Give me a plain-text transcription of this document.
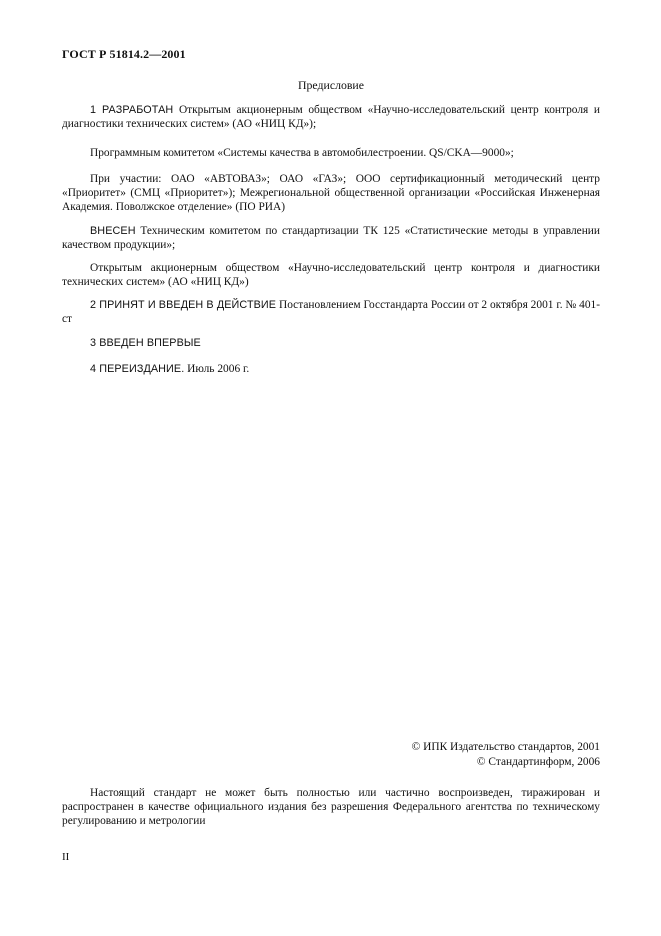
ГОСТ Р 51814.2—2001
Предисловие

1 РАЗРАБОТАН Открытым акционерным обществом «Научно-исследовательский центр контроля и диагностики технических систем» (АО «НИЦ КД»);

Программным комитетом «Системы качества в автомобилестроении. QS/CKA—9000»;

При участии: ОАО «АВТОВАЗ»; ОАО «ГАЗ»; ООО сертификационный методический центр «Приоритет» (СМЦ «Приоритет»); Межрегиональной общественной организации «Российская Инженерная Академия. Поволжское отделение» (ПО РИА)

ВНЕСЕН Техническим комитетом по стандартизации ТК 125 «Статистические методы в управлении качеством продукции»;

Открытым акционерным обществом «Научно-исследовательский центр контроля и диагностики технических систем» (АО «НИЦ КД»)

2 ПРИНЯТ И ВВЕДЕН В ДЕЙСТВИЕ Постановлением Госстандарта России от 2 октября 2001 г. № 401-ст

3 ВВЕДЕН ВПЕРВЫЕ

4 ПЕРЕИЗДАНИЕ. Июль 2006 г.

© ИПК Издательство стандартов, 2001
© Стандартинформ, 2006

Настоящий стандарт не может быть полностью или частично воспроизведен, тиражирован и распространен в качестве официального издания без разрешения Федерального агентства по техническому регулированию и метрологии

II
